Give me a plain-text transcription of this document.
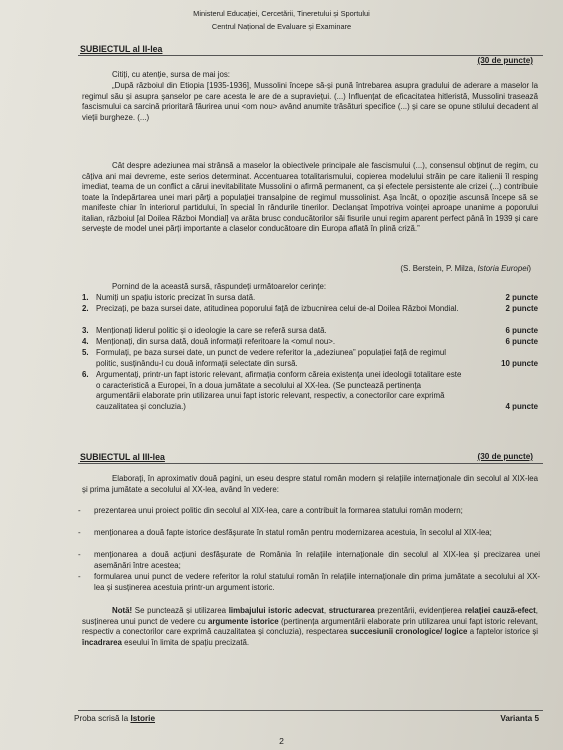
Ministerul Educației, Cercetării, Tineretului și Sportului
Centrul Național de Evaluare și Examinare
SUBIECTUL al II-lea
(30 de puncte)
Citiți, cu atenție, sursa de mai jos:
„După războiul din Etiopia [1935-1936], Mussolini începe să-și pună întrebarea asupra gradului de aderare a maselor la regimul său și asupra șanselor pe care acesta le are de a supraviețui. (...) Influențat de eficacitatea hitleristă, Mussolini trasează fascismului ca sarcină prioritară făurirea unui <om nou> având anumite trăsături specifice (...) și care se opune stilului decadent al vieții burgheze. (...)
Cât despre adeziunea mai strânsă a maselor la obiectivele principale ale fascismului (...), consensul obținut de regim, cu câțiva ani mai devreme, este serios determinat. Accentuarea totalitarismului, copierea modelului străin pe care italienii îl resping imediat, teama de un conflict a cărui inevitabilitate Mussolini o afirmă permanent, ca și efectele persistente ale crizei (...) contribuie toate la îndepărtarea unei mari părți a populației transalpine de regimul mussolinist. Așa încât, o opoziție ascunsă începe să se manifeste chiar în interiorul partidului, în special în rândurile tinerilor. Declanșat împotriva voinței aproape unanime a poporului italian, războiul [al Doilea Război Mondial] va arăta brusc conducătorilor săi fisurile unui regim aparent perfect până în 1939 și care servește de model unei părți importante a claselor conducătoare din Europa aflată în plină criză.”
(S. Berstein, P. Milza, Istoria Europei)
Pornind de la această sursă, răspundeți următoarelor cerințe:
1. Numiți un spațiu istoric precizat în sursa dată.	2 puncte
2. Precizați, pe baza sursei date, atitudinea poporului față de izbucnirea celui de-al Doilea Război Mondial.	2 puncte
3. Menționați liderul politic și o ideologie la care se referă sursa dată.	6 puncte
4. Menționați, din sursa dată, două informații referitoare la <omul nou>.	6 puncte
5. Formulați, pe baza sursei date, un punct de vedere referitor la „adeziunea” populației față de regimul politic, susținându-l cu două informații selectate din sursă.	10 puncte
6. Argumentați, printr-un fapt istoric relevant, afirmația conform căreia existența unei ideologii totalitare este o caracteristică a Europei, în a doua jumătate a secolului al XX-lea. (Se punctează pertinența argumentării elaborate prin utilizarea unui fapt istoric relevant, respectiv, a conectorilor care exprimă cauzalitatea și concluzia.)	4 puncte
SUBIECTUL al III-lea	(30 de puncte)
Elaborați, în aproximativ două pagini, un eseu despre statul român modern și relațiile internaționale din secolul al XIX-lea și prima jumătate a secolului al XX-lea, având în vedere:
- prezentarea unui proiect politic din secolul al XIX-lea, care a contribuit la formarea statului român modern;
- menționarea a două fapte istorice desfășurate în statul român pentru modernizarea acestuia, în secolul al XIX-lea;
- menționarea a două acțiuni desfășurate de România în relațiile internaționale din secolul al XIX-lea și precizarea unei asemănări între acestea;
- formularea unui punct de vedere referitor la rolul statului român în relațiile internaționale din prima jumătate a secolului al XX-lea și susținerea acestuia printr-un argument istoric.
Notă! Se punctează și utilizarea limbajului istoric adecvat, structurarea prezentării, evidențierea relației cauză-efect, susținerea unui punct de vedere cu argumente istorice (pertinența argumentării elaborate prin utilizarea unui fapt istoric relevant, respectiv a conectorilor care exprimă cauzalitatea și concluzia), respectarea succesiunii cronologice/ logice a faptelor istorice și încadrarea eseului în limita de spațiu precizată.
Proba scrisă la Istorie	Varianta 5
2
